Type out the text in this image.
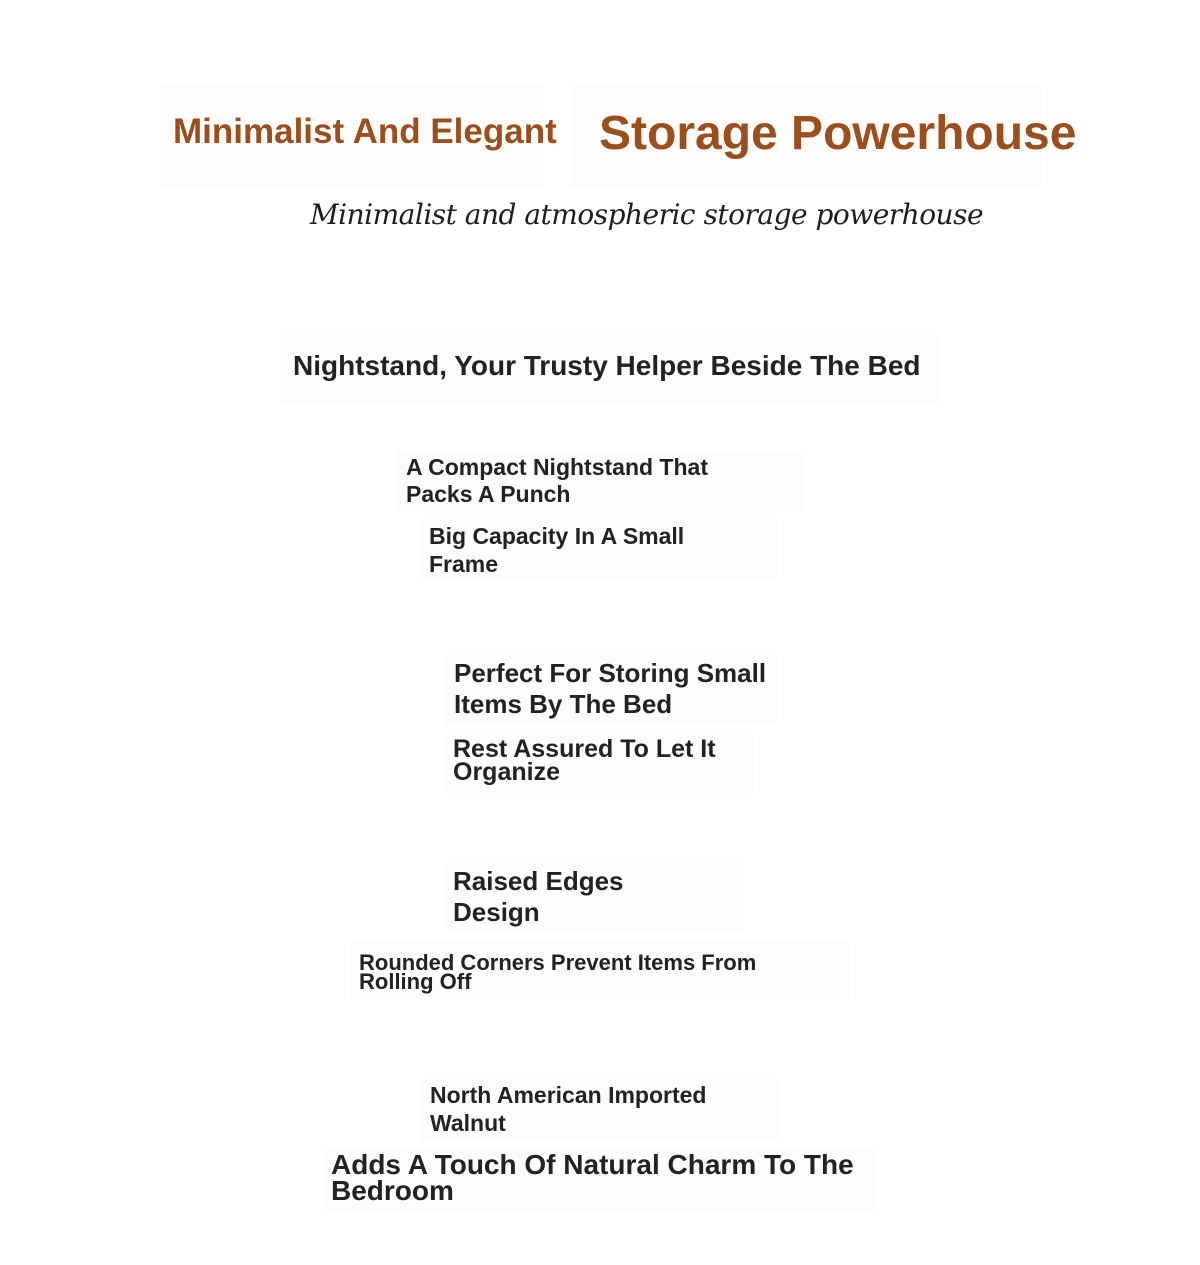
Minimalist And Elegant Storage Powerhouse
Minimalist and atmospheric storage powerhouse
Nightstand, Your Trusty Helper Beside The Bed
A Compact Nightstand That Packs A Punch
Big Capacity In A Small Frame
Perfect For Storing Small Items By The Bed
Rest Assured To Let It Organize
Raised Edges Design
Rounded Corners Prevent Items From Rolling Off
North American Imported Walnut
Adds A Touch Of Natural Charm To The Bedroom
